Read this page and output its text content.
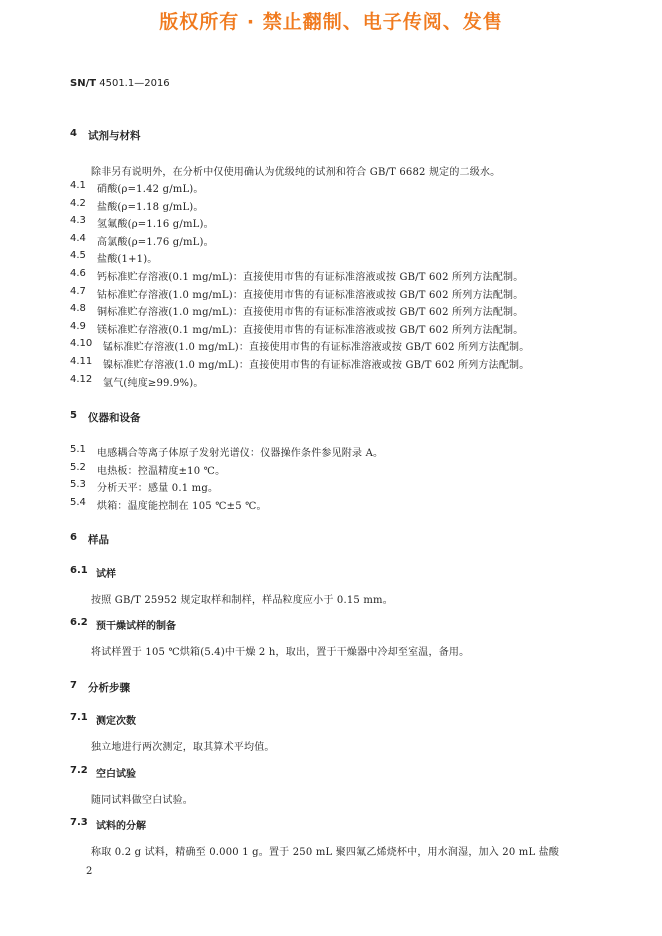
版权所有 · 禁止翻制、电子传阅、发售
SN/T 4501.1—2016
4 试剂与材料
除非另有说明外，在分析中仅使用确认为优级纯的试剂和符合 GB/T 6682 规定的二级水。
4.1 硝酸(ρ=1.42 g/mL)。
4.2 盐酸(ρ=1.18 g/mL)。
4.3 氢氟酸(ρ=1.16 g/mL)。
4.4 高氯酸(ρ=1.76 g/mL)。
4.5 盐酸(1+1)。
4.6 钙标准贮存溶液(0.1 mg/mL)：直接使用市售的有证标准溶液或按 GB/T 602 所列方法配制。
4.7 钴标准贮存溶液(1.0 mg/mL)：直接使用市售的有证标准溶液或按 GB/T 602 所列方法配制。
4.8 铜标准贮存溶液(1.0 mg/mL)：直接使用市售的有证标准溶液或按 GB/T 602 所列方法配制。
4.9 镁标准贮存溶液(0.1 mg/mL)：直接使用市售的有证标准溶液或按 GB/T 602 所列方法配制。
4.10 锰标准贮存溶液(1.0 mg/mL)：直接使用市售的有证标准溶液或按 GB/T 602 所列方法配制。
4.11 镍标准贮存溶液(1.0 mg/mL)：直接使用市售的有证标准溶液或按 GB/T 602 所列方法配制。
4.12 氩气(纯度≥99.9%)。
5 仪器和设备
5.1 电感耦合等离子体原子发射光谱仪：仪器操作条件参见附录 A。
5.2 电热板：控温精度±10 ℃。
5.3 分析天平：感量 0.1 mg。
5.4 烘箱：温度能控制在 105 ℃±5 ℃。
6 样品
6.1 试样
按照 GB/T 25952 规定取样和制样，样品粒度应小于 0.15 mm。
6.2 预干燥试样的制备
将试样置于 105 ℃烘箱(5.4)中干燥 2 h，取出，置于干燥器中冷却至室温，备用。
7 分析步骤
7.1 测定次数
独立地进行两次测定，取其算术平均值。
7.2 空白试验
随同试料做空白试验。
7.3 试料的分解
称取 0.2 g 试料，精确至 0.000 1 g。置于 250 mL 聚四氟乙烯烧杯中，用水润湿，加入 20 mL 盐酸
2
